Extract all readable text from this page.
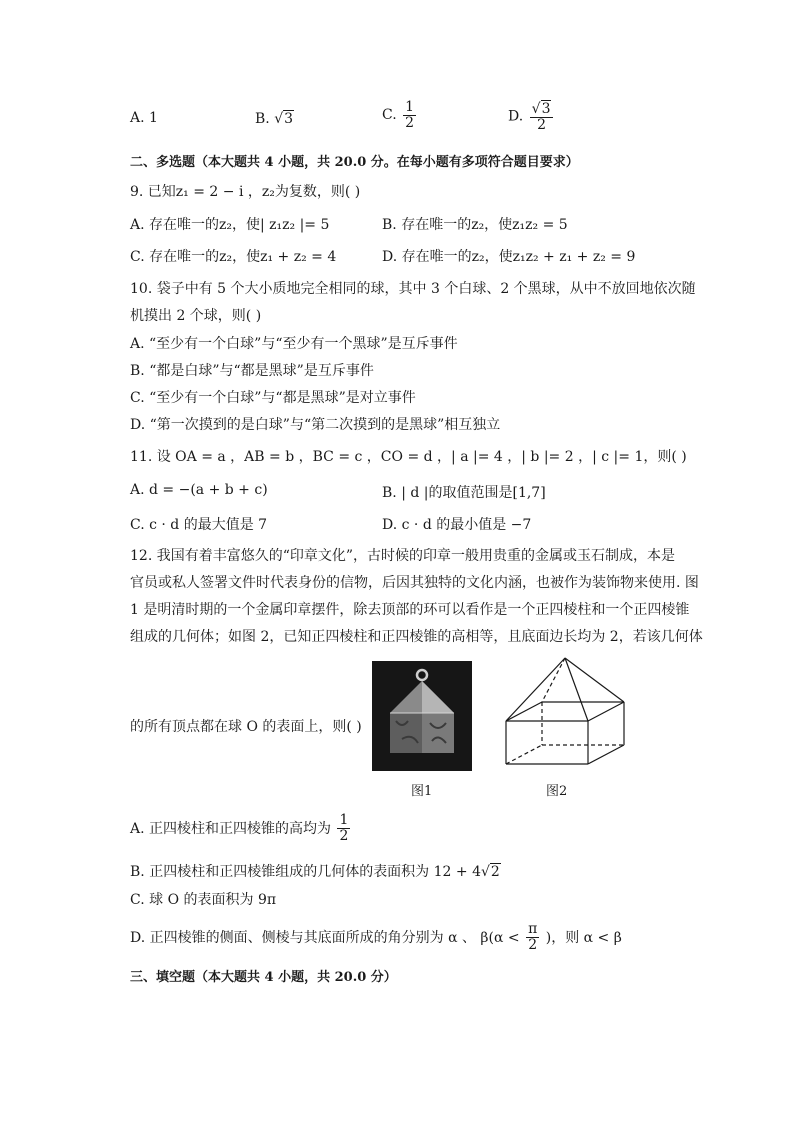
A. 1	B. √3	C. $\frac{1}{2}$	D. $\frac{√3}{2}$
二、多选题（本大题共 4 小题，共 20.0 分。在每小题有多项符合题目要求）
9. 已知z₁ = 2 − i ，z₂为复数，则( )
A. 存在唯一的z₂，使| z₁z₂ |= 5	B. 存在唯一的z₂，使z₁z₂ = 5
C. 存在唯一的z₂，使z₁ + z₂ = 4	D. 存在唯一的z₂，使z₁z₂ + z₁ + z₂ = 9
10. 袋子中有 5 个大小质地完全相同的球，其中 3 个白球、2 个黑球，从中不放回地依次随
机摸出 2 个球，则( )
A. “至少有一个白球”与“至少有一个黑球”是互斥事件
B. “都是白球”与“都是黑球”是互斥事件
C. “至少有一个白球”与“都是黑球”是对立事件
D. “第一次摸到的是白球”与“第二次摸到的是黑球”相互独立
11. 设 OA = a ，AB = b ，BC = c ，CO = d ，| a |= 4 ，| b |= 2 ，| c |= 1，则( )
A. d = −(a + b + c)	B. | d |的取值范围是[1,7]
C. c · d 的最大值是 7	D. c · d 的最小值是 −7
12. 我国有着丰富悠久的“印章文化”，古时候的印章一般用贵重的金属或玉石制成，本是
官员或私人签署文件时代表身份的信物，后因其独特的文化内涵，也被作为装饰物来使用. 图
1 是明清时期的一个金属印章摆件，除去顶部的环可以看作是一个正四棱柱和一个正四棱锥
组成的几何体；如图 2，已知正四棱柱和正四棱锥的高相等，且底面边长均为 2，若该几何体
的所有顶点都在球 O 的表面上，则( )
图1	图2
A. 正四棱柱和正四棱锥的高均为 $\frac{1}{2}$
B. 正四棱柱和正四棱锥组成的几何体的表面积为 12 + 4√2
C. 球 O 的表面积为 9π
D. 正四棱锥的侧面、侧棱与其底面所成的角分别为 α 、 $\beta(\alpha < \frac{\pi}{2}$ )，则 α < β
三、填空题（本大题共 4 小题，共 20.0 分）
